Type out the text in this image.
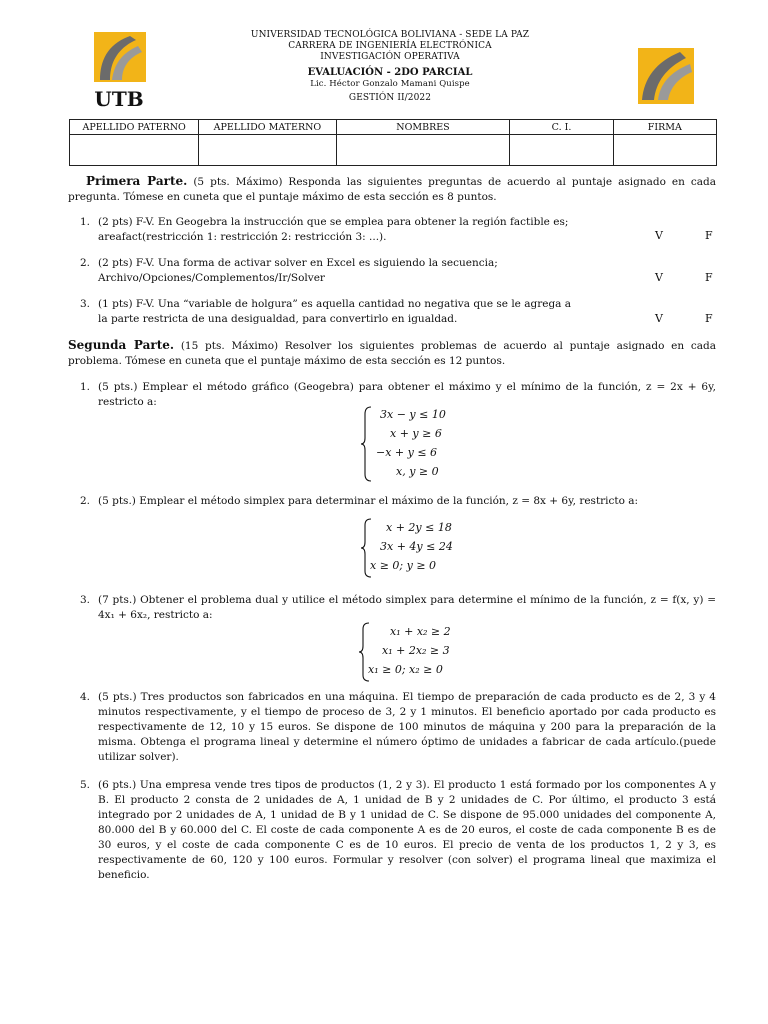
UTB
UNIVERSIDAD TECNOLÓGICA BOLIVIANA - SEDE LA PAZ
CARRERA DE INGENIERÍA ELECTRÓNICA
INVESTIGACIÓN OPERATIVA
EVALUACIÓN - 2DO PARCIAL
Lic. Héctor Gonzalo Mamani Quispe
GESTIÓN II/2022
APELLIDO PATERNO	APELLIDO MATERNO	NOMBRES	C. I.	FIRMA

Primera Parte. (5 pts. Máximo) Responda las siguientes preguntas de acuerdo al puntaje asignado en cada pregunta. Tómese en cuneta que el puntaje máximo de esta sección es 8 puntos.
1. (2 pts) F-V. En Geogebra la instrucción que se emplea para obtener la región factible es;
areafact(restricción 1: restricción 2: restricción 3: ...).	V	F
2. (2 pts) F-V. Una forma de activar solver en Excel es siguiendo la secuencia;
Archivo/Opciones/Complementos/Ir/Solver	V	F
3. (1 pts) F-V. Una “variable de holgura” es aquella cantidad no negativa que se le agrega a
la parte restricta de una desigualdad, para convertirlo en igualdad.	V	F
Segunda Parte. (15 pts. Máximo) Resolver los siguientes problemas de acuerdo al puntaje asignado en cada problema. Tómese en cuneta que el puntaje máximo de esta sección es 12 puntos.
1. (5 pts.) Emplear el método gráfico (Geogebra) para obtener el máximo y el mínimo de la función, z = 2x + 6y, restricto a:
3x − y ≤ 10
x + y ≥ 6
−x + y ≤ 6
x, y ≥ 0
2. (5 pts.) Emplear el método simplex para determinar el máximo de la función, z = 8x + 6y, restricto a:
x + 2y ≤ 18
3x + 4y ≤ 24
x ≥ 0; y ≥ 0
3. (7 pts.) Obtener el problema dual y utilice el método simplex para determine el mínimo de la función, z = f(x, y) = 4x₁ + 6x₂, restricto a:
x₁ + x₂ ≥ 2
x₁ + 2x₂ ≥ 3
x₁ ≥ 0; x₂ ≥ 0
4. (5 pts.) Tres productos son fabricados en una máquina. El tiempo de preparación de cada producto es de 2, 3 y 4 minutos respectivamente, y el tiempo de proceso de 3, 2 y 1 minutos. El beneficio aportado por cada producto es respectivamente de 12, 10 y 15 euros. Se dispone de 100 minutos de máquina y 200 para la preparación de la misma. Obtenga el programa lineal y determine el número óptimo de unidades a fabricar de cada artículo.(puede utilizar solver).
5. (6 pts.) Una empresa vende tres tipos de productos (1, 2 y 3). El producto 1 está formado por los componentes A y B. El producto 2 consta de 2 unidades de A, 1 unidad de B y 2 unidades de C. Por último, el producto 3 está integrado por 2 unidades de A, 1 unidad de B y 1 unidad de C. Se dispone de 95.000 unidades del componente A, 80.000 del B y 60.000 del C. El coste de cada componente A es de 20 euros, el coste de cada componente B es de 30 euros, y el coste de cada componente C es de 10 euros. El precio de venta de los productos 1, 2 y 3, es respectivamente de 60, 120 y 100 euros. Formular y resolver (con solver) el programa lineal que maximiza el beneficio.
